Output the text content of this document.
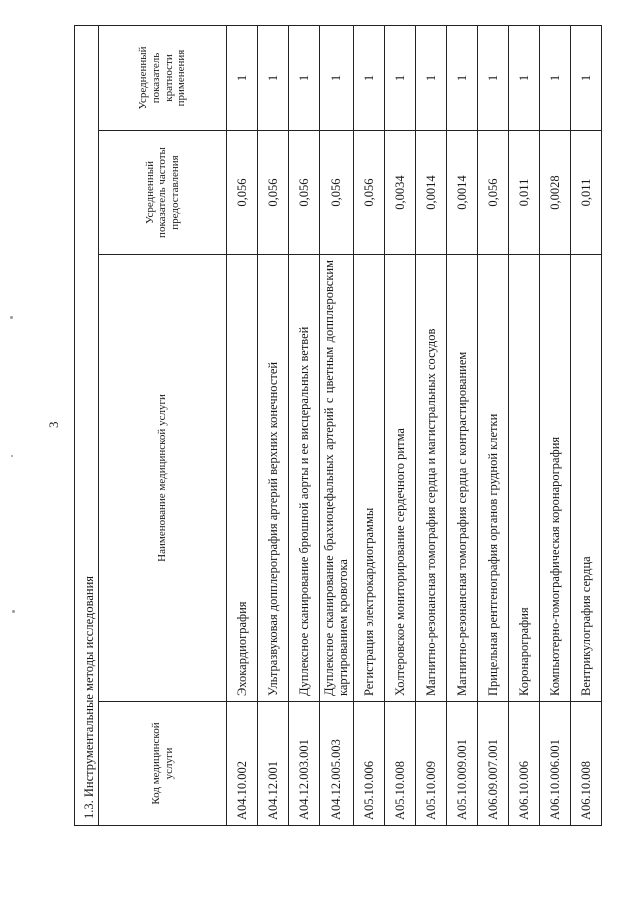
3
1.3. Инструментальные методы исследования			
Код медицинской услуги	Наименование медицинской услуги	Усредненный показатель частоты предоставления	Усредненный показатель кратности применения
A04.10.002	Эхокардиография	0,056	1
A04.12.001	Ультразвуковая допплерография артерий верхних конечностей	0,056	1
A04.12.003.001	Дуплексное сканирование брюшной аорты и ее висцеральных ветвей	0,056	1
A04.12.005.003	Дуплексное сканирование брахиоцефальных артерий с цветным допплеровским картированием кровотока	0,056	1
A05.10.006	Регистрация электрокардиограммы	0,056	1
A05.10.008	Холтеровское мониторирование сердечного ритма	0,0034	1
A05.10.009	Магнитно-резонансная томография сердца и магистральных сосудов	0,0014	1
A05.10.009.001	Магнитно-резонансная томография сердца с контрастированием	0,0014	1
A06.09.007.001	Прицельная рентгенография органов грудной клетки	0,056	1
A06.10.006	Коронарография	0,011	1
A06.10.006.001	Компьютерно-томографическая коронарография	0,0028	1
A06.10.008	Вентрикулография сердца	0,011	1
